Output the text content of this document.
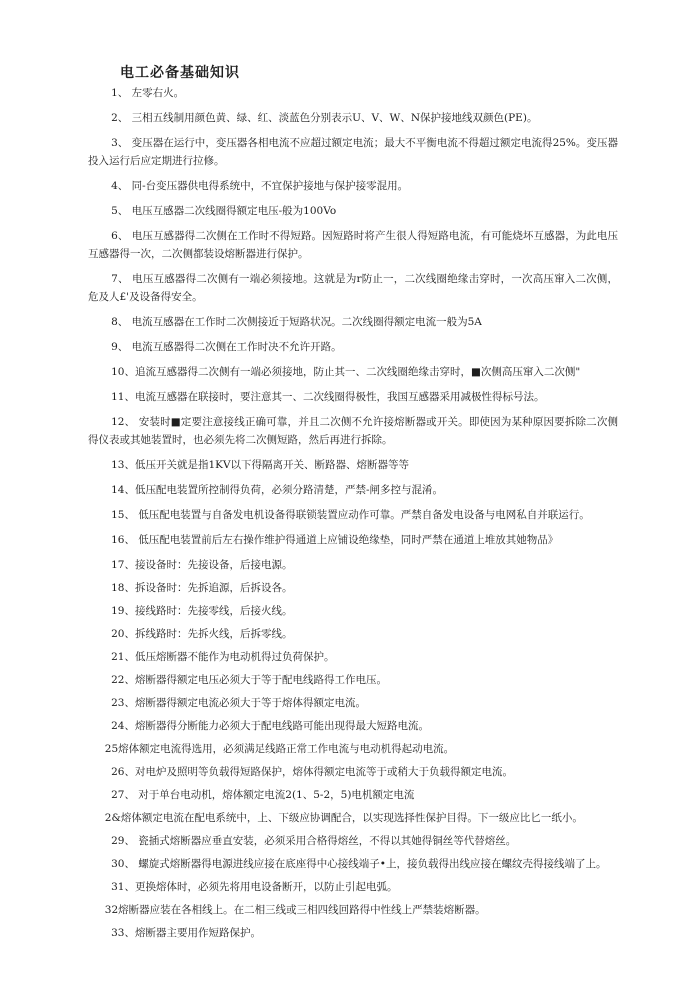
电工必备基础知识

1、 左零右火。

2、 三相五线制用颜色黄、绿、红、淡蓝色分别表示U、V、W、N保护接地线双颜色(PE)。

3、 变压器在运行中，变压器各相电流不应超过额定电流；最大不平衡电流不得超过额定电流得25%。变压器投入运行后应定期进行拉修。

4、 同-台变压器供电得系统中，不宜保护接地与保护接零混用。

5、 电压互感器二次线圈得额定电压-般为100Vo

6、 电压互感器得二次侧在工作时不得短路。因短路时将产生很人得短路电流，有可能烧坏互感器，为此电压互感器得一次，二次侧都装设熔断器进行保护。

7、 电压互感器得二次侧有一端必须接地。这就是为r防止一，二次线圈绝缘击穿时，一次高压窜入二次侧，危及人£'及设备得安全。

8、 电流互感器在工作时二次侧接近于短路状况。二次线圈得额定电流一般为5A

9、 电流互感器得二次侧在工作时决不允许开路。

10、追流互感器得二次侧有一端必须接地，防止其一、二次线圈绝缘击穿时，■次侧高压窜入二次侧"

11、电流互感器在联接时，要注意其一、二次线圈得极性，我国互感器采用减极性得标号法。

12、 安装时■定要注意接线正确可靠，并且二次侧不允许接熔断器或开关。即使因为某种原因要拆除二次侧得仪表或其她装置时，也必须先将二次侧短路，然后再进行拆除。

13、低压开关就是指1KV以下得隔离开关、断路器、熔断器等等

14、低压配电装置所控制得负荷，必须分路清楚，严禁-闸多控与混淆。

15、 低压配电装置与自备发电机设备得联锁装置应动作可靠。严禁自备发电设备与电网私自并联运行。

16、 低压配电装置前后左右操作维护得通道上应铺设绝缘垫，同时严禁在通道上堆放其她物品》

17、接设备时：先接设备，后接电源。

18、拆设备时：先拆追源，后拆设各。

19、接线路时：先接零线，后接火线。

20、拆线路时：先拆火线，后拆零线。

21、低压熔断器不能作为电动机得过负荷保护。

22、熔断器得额定电压必须大于等于配电线路得工作电压。

23、熔断器得额定电流必须大于等于熔体得额定电流。

24、熔断器得分断能力必须大于配电线路可能出现得最大短路电流。

25熔体额定电流得选用，必须满足线路正常工作电流与电动机得起动电流。

26、对电炉及照明等负载得短路保护，熔体得额定电流等于或稍大于负载得额定电流。

27、 对于单台电动机，熔体额定电流2(1、5-2，5)电机额定电流

2&熔体额定电流在配电系统中，上、下级应协调配合，以实现选择性保护目得。下一级应比匕一纸小。

29、 瓷插式熔断器应垂直安装，必须采用合格得熔丝，不得以其她得铜丝等代替熔丝。

30、 螺旋式熔断器得电源进线应接在底座得中心接线端子•上，接负载得出线应接在螺纹壳得接线端了上。

31、更换熔体时，必须先将用电设备断开，以防止引起电弧。

32熔断器应装在各相线上。在二相三线或三相四线回路得中性线上严禁装熔断器。

33、熔断器主要用作短路保护。
